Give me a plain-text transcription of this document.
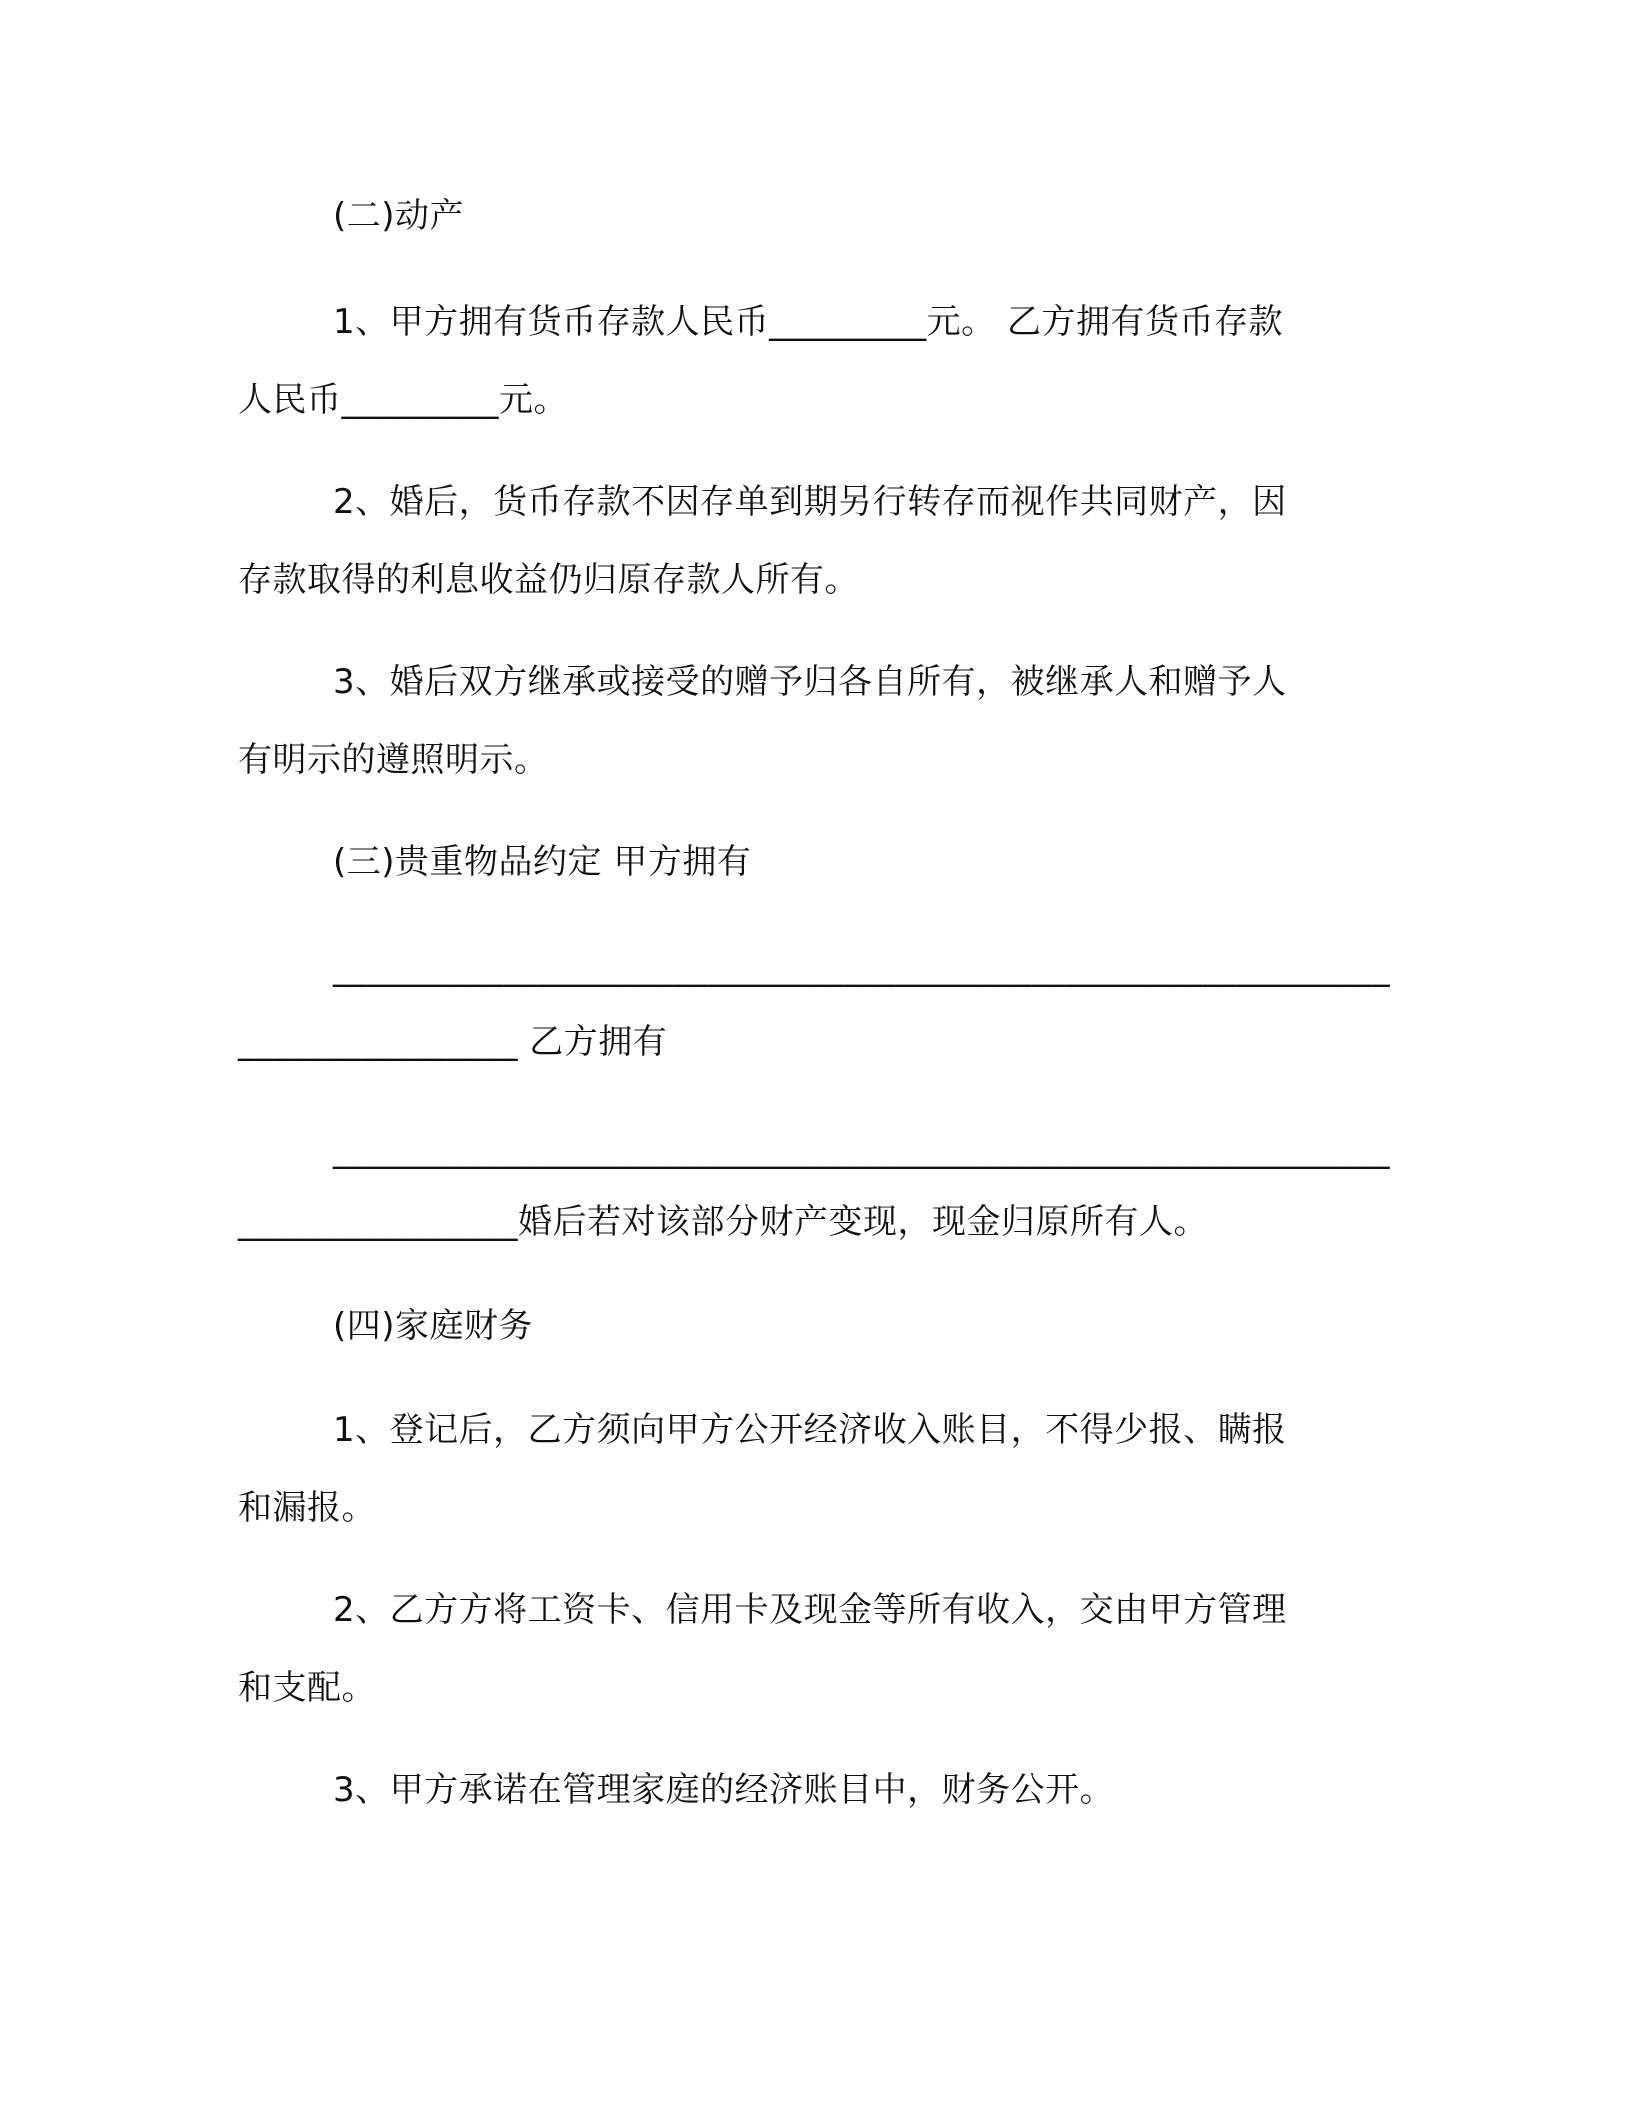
(二)动产
1、甲方拥有货币存款人民币_________元。 乙方拥有货币存款
人民币_________元。
2、婚后，货币存款不因存单到期另行转存而视作共同财产，因
存款取得的利息收益仍归原存款人所有。
3、婚后双方继承或接受的赠予归各自所有，被继承人和赠予人
有明示的遵照明示。
(三)贵重物品约定 甲方拥有
______________________________________________________________
________________ 乙方拥有
______________________________________________________________
________________婚后若对该部分财产变现，现金归原所有人。
(四)家庭财务
1、登记后，乙方须向甲方公开经济收入账目，不得少报、瞒报
和漏报。
2、乙方方将工资卡、信用卡及现金等所有收入，交由甲方管理
和支配。
3、甲方承诺在管理家庭的经济账目中，财务公开。
